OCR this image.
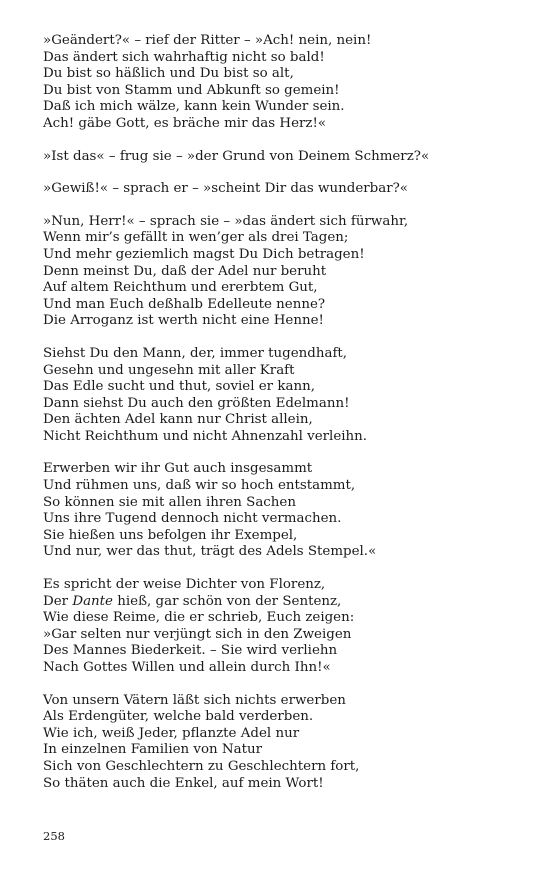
»Geändert?« – rief der Ritter – »Ach! nein, nein!
Das ändert sich wahrhaftig nicht so bald!
Du bist so häßlich und Du bist so alt,
Du bist von Stamm und Abkunft so gemein!
Daß ich mich wälze, kann kein Wunder sein.
Ach! gäbe Gott, es bräche mir das Herz!«
»Ist das« – frug sie – »der Grund von Deinem Schmerz?«
»Gewiß!« – sprach er – »scheint Dir das wunderbar?«
»Nun, Herr!« – sprach sie – »das ändert sich fürwahr,
Wenn mir’s gefällt in wen’ger als drei Tagen;
Und mehr geziemlich magst Du Dich betragen!
Denn meinst Du, daß der Adel nur beruht
Auf altem Reichthum und ererbtem Gut,
Und man Euch deßhalb Edelleute nenne?
Die Arroganz ist werth nicht eine Henne!
Siehst Du den Mann, der, immer tugendhaft,
Gesehn und ungesehn mit aller Kraft
Das Edle sucht und thut, soviel er kann,
Dann siehst Du auch den größten Edelmann!
Den ächten Adel kann nur Christ allein,
Nicht Reichthum und nicht Ahnenzahl verleihn.
Erwerben wir ihr Gut auch insgesammt
Und rühmen uns, daß wir so hoch entstammt,
So können sie mit allen ihren Sachen
Uns ihre Tugend dennoch nicht vermachen.
Sie hießen uns befolgen ihr Exempel,
Und nur, wer das thut, trägt des Adels Stempel.«
Es spricht der weise Dichter von Florenz,
Der Dante hieß, gar schön von der Sentenz,
Wie diese Reime, die er schrieb, Euch zeigen:
»Gar selten nur verjüngt sich in den Zweigen
Des Mannes Biederkeit. – Sie wird verliehn
Nach Gottes Willen und allein durch Ihn!«
Von unsern Vätern läßt sich nichts erwerben
Als Erdengüter, welche bald verderben.
Wie ich, weiß Jeder, pflanzte Adel nur
In einzelnen Familien von Natur
Sich von Geschlechtern zu Geschlechtern fort,
So thäten auch die Enkel, auf mein Wort!
258
